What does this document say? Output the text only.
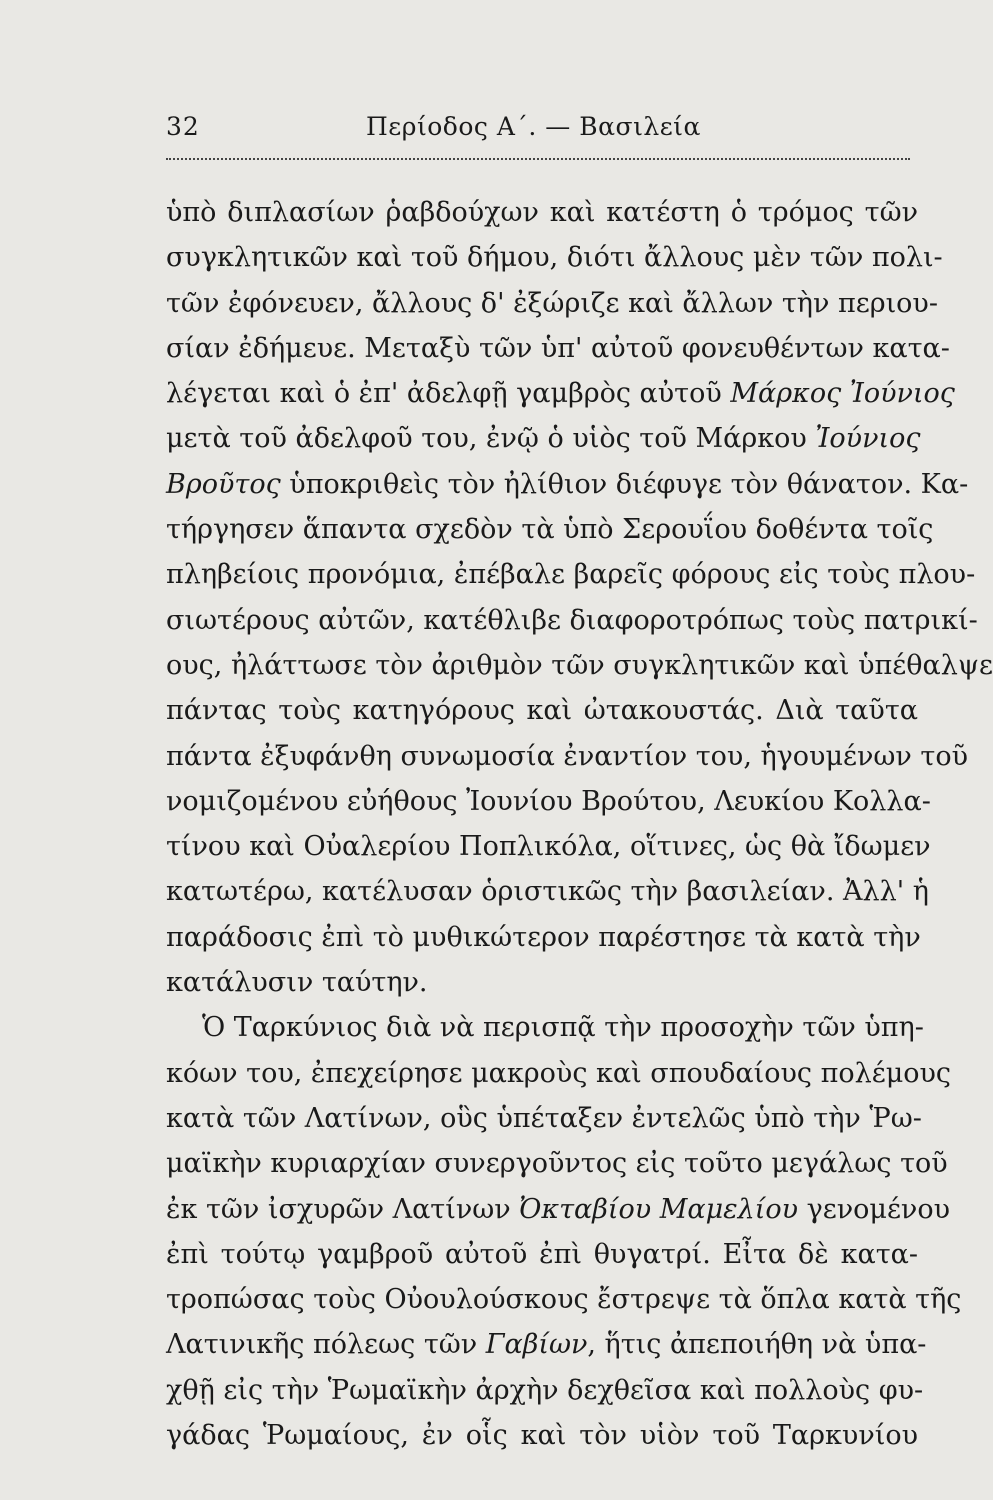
32	Περίοδος Α΄. — Βασιλεία
ὑπὸ διπλασίων ῥαβδούχων καὶ κατέστη ὁ τρόμος τῶν
συγκλητικῶν καὶ τοῦ δήμου, διότι ἄλλους μὲν τῶν πολι-
τῶν ἐφόνευεν, ἄλλους δ' ἐξώριζε καὶ ἄλλων τὴν περιου-
σίαν ἐδήμευε. Μεταξὺ τῶν ὑπ' αὐτοῦ φονευθέντων κατα-
λέγεται καὶ ὁ ἐπ' ἀδελφῇ γαμβρὸς αὐτοῦ Μάρκος Ἰούνιος
μετὰ τοῦ ἀδελφοῦ του, ἐνῷ ὁ υἱὸς τοῦ Μάρκου Ἰούνιος
Βροῦτος ὑποκριθεὶς τὸν ἠλίθιον διέφυγε τὸν θάνατον. Κα-
τήργησεν ἅπαντα σχεδὸν τὰ ὑπὸ Σερουΐου δοθέντα τοῖς
πληβείοις προνόμια, ἐπέβαλε βαρεῖς φόρους εἰς τοὺς πλου-
σιωτέρους αὐτῶν, κατέθλιβε διαφοροτρόπως τοὺς πατρικί-
ους, ἠλάττωσε τὸν ἀριθμὸν τῶν συγκλητικῶν καὶ ὑπέθαλψε
πάντας τοὺς κατηγόρους καὶ ὠτακουστάς. Διὰ ταῦτα
πάντα ἐξυφάνθη συνωμοσία ἐναντίον του, ἡγουμένων τοῦ
νομιζομένου εὐήθους Ἰουνίου Βρούτου, Λευκίου Κολλα-
τίνου καὶ Οὐαλερίου Ποπλικόλα, οἵτινες, ὡς θὰ ἴδωμεν
κατωτέρω, κατέλυσαν ὁριστικῶς τὴν βασιλείαν. Ἀλλ' ἡ
παράδοσις ἐπὶ τὸ μυθικώτερον παρέστησε τὰ κατὰ τὴν
κατάλυσιν ταύτην.
Ὁ Ταρκύνιος διὰ νὰ περισπᾷ τὴν προσοχὴν τῶν ὑπη-
κόων του, ἐπεχείρησε μακροὺς καὶ σπουδαίους πολέμους
κατὰ τῶν Λατίνων, οὓς ὑπέταξεν ἐντελῶς ὑπὸ τὴν Ῥω-
μαϊκὴν κυριαρχίαν συνεργοῦντος εἰς τοῦτο μεγάλως τοῦ
ἐκ τῶν ἰσχυρῶν Λατίνων Ὀκταβίου Μαμελίου γενομένου
ἐπὶ τούτῳ γαμβροῦ αὐτοῦ ἐπὶ θυγατρί. Εἶτα δὲ κατα-
τροπώσας τοὺς Οὐουλούσκους ἔστρεψε τὰ ὅπλα κατὰ τῆς
Λατινικῆς πόλεως τῶν Γαβίων, ἥτις ἀπεποιήθη νὰ ὑπα-
χθῇ εἰς τὴν Ῥωμαϊκὴν ἀρχὴν δεχθεῖσα καὶ πολλοὺς φυ-
γάδας Ῥωμαίους, ἐν οἷς καὶ τὸν υἱὸν τοῦ Ταρκυνίου
